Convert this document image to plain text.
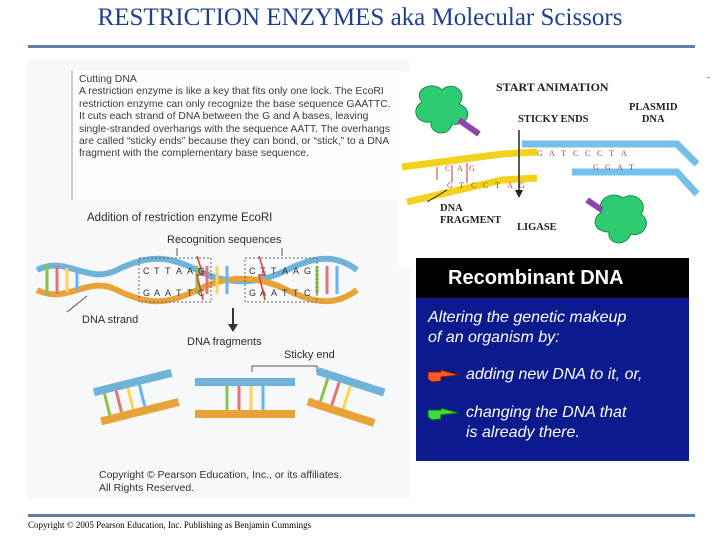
RESTRICTION ENZYMES aka Molecular Scissors
C T T A A G
G A A T T C
C T T A A G
G A A T T C
Cutting DNA
A restriction enzyme is like a key that fits only one lock. The EcoRI restriction enzyme can only recognize the base sequence GAATTC. It cuts each strand of DNA between the G and A bases, leaving single-stranded overhangs with the sequence AATT. The overhangs are called “sticky ends” because they can bond, or “stick,” to a DNA fragment with the complementary base sequence.
Addition of restriction enzyme EcoRI
Recognition sequences
DNA strand
DNA fragments
Sticky end
Copyright © Pearson Education, Inc., or its affiliates.
All Rights Reserved.
G A T C C C T A
G G A T
C A G
G T C C T A G
START ANIMATION
STICKY ENDS
PLASMID
DNA
DNA
FRAGMENT
LIGASE
-
Recombinant DNA
Altering the genetic makeup
of an organism by:
adding new DNA to it, or,
changing the DNA that
is already there.
Copyright © 2005 Pearson Education, Inc. Publishing as Benjamin Cummings
